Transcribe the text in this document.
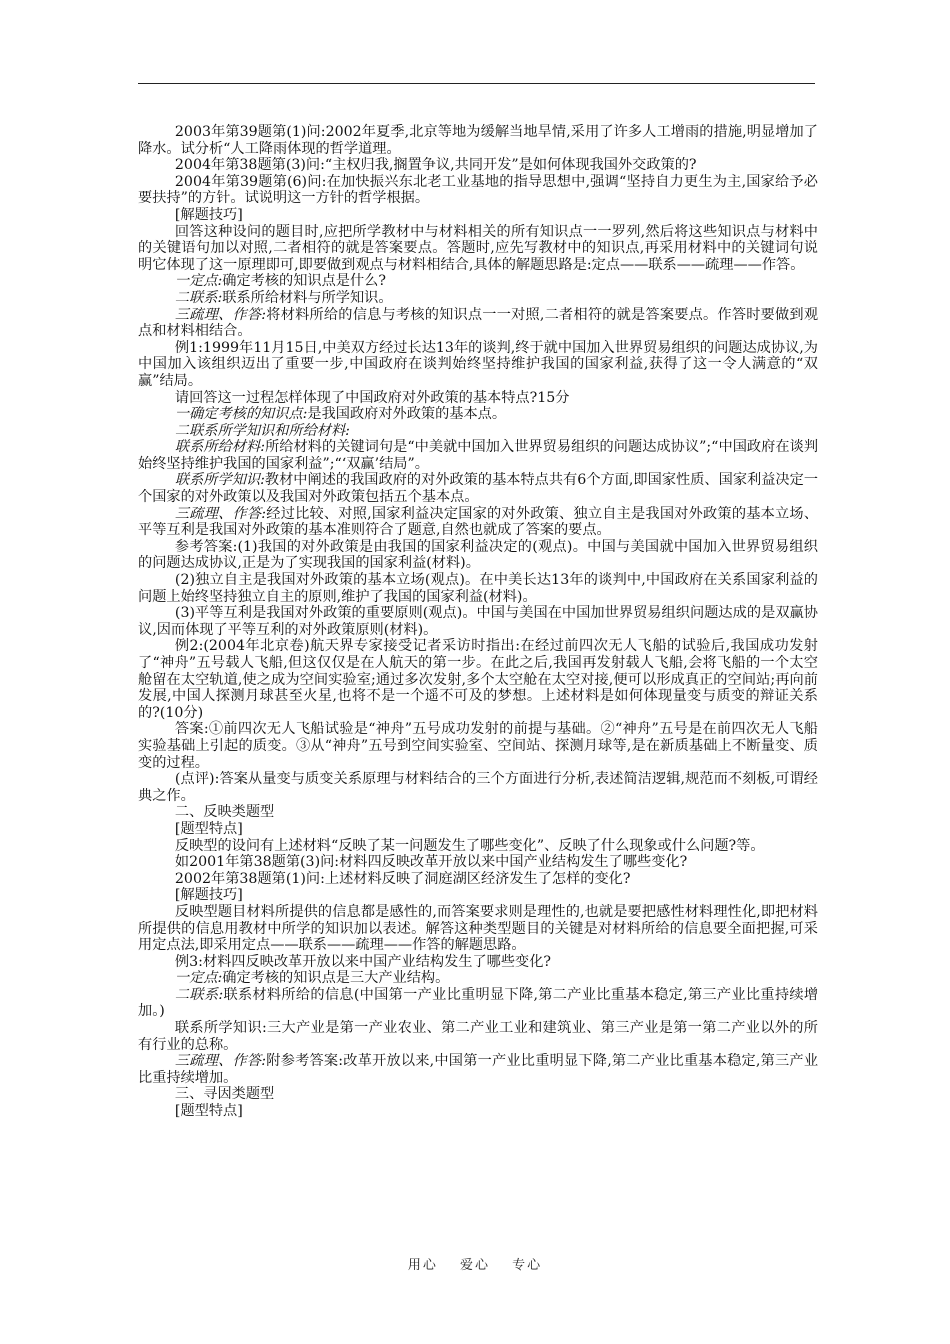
2003年第39题第(1)问:2002年夏季,北京等地为缓解当地旱情,采用了许多人工增雨的措施,明显增加了降水。试分析“人工降雨体现的哲学道理。

2004年第38题第(3)问:“主权归我,搁置争议,共同开发”是如何体现我国外交政策的?

2004年第39题第(6)问:在加快振兴东北老工业基地的指导思想中,强调“坚持自力更生为主,国家给予必要扶持”的方针。试说明这一方针的哲学根据。

[解题技巧]

回答这种设问的题目时,应把所学教材中与材料相关的所有知识点一一罗列,然后将这些知识点与材料中的关键语句加以对照,二者相符的就是答案要点。答题时,应先写教材中的知识点,再采用材料中的关键词句说明它体现了这一原理即可,即要做到观点与材料相结合,具体的解题思路是:定点——联系——疏理——作答。

一定点:确定考核的知识点是什么?

二联系:联系所给材料与所学知识。

三疏理、作答:将材料所给的信息与考核的知识点一一对照,二者相符的就是答案要点。作答时要做到观点和材料相结合。

例1:1999年11月15日,中美双方经过长达13年的谈判,终于就中国加入世界贸易组织的问题达成协议,为中国加入该组织迈出了重要一步,中国政府在谈判始终坚持维护我国的国家利益,获得了这一令人满意的“双赢”结局。

请回答这一过程怎样体现了中国政府对外政策的基本特点?15分

一确定考核的知识点:是我国政府对外政策的基本点。

二联系所学知识和所给材料:

联系所给材料:所给材料的关键词句是“中美就中国加入世界贸易组织的问题达成协议”;“中国政府在谈判始终坚持维护我国的国家利益”;“‘双赢’结局”。

联系所学知识:教材中阐述的我国政府的对外政策的基本特点共有6个方面,即国家性质、国家利益决定一个国家的对外政策以及我国对外政策包括五个基本点。

三疏理、作答:经过比较、对照,国家利益决定国家的对外政策、独立自主是我国对外政策的基本立场、平等互利是我国对外政策的基本准则符合了题意,自然也就成了答案的要点。

参考答案:(1)我国的对外政策是由我国的国家利益决定的(观点)。中国与美国就中国加入世界贸易组织的问题达成协议,正是为了实现我国的国家利益(材料)。

(2)独立自主是我国对外政策的基本立场(观点)。在中美长达13年的谈判中,中国政府在关系国家利益的问题上始终坚持独立自主的原则,维护了我国的国家利益(材料)。

(3)平等互利是我国对外政策的重要原则(观点)。中国与美国在中国加世界贸易组织问题达成的是双赢协议,因而体现了平等互利的对外政策原则(材料)。

例2:(2004年北京卷)航天界专家接受记者采访时指出:在经过前四次无人飞船的试验后,我国成功发射了“神舟”五号载人飞船,但这仅仅是在人航天的第一步。在此之后,我国再发射载人飞船,会将飞船的一个太空舱留在太空轨道,使之成为空间实验室;通过多次发射,多个太空舱在太空对接,便可以形成真正的空间站;再向前发展,中国人探测月球甚至火星,也将不是一个遥不可及的梦想。上述材料是如何体现量变与质变的辩证关系的?(10分)

答案:①前四次无人飞船试验是“神舟”五号成功发射的前提与基础。②“神舟”五号是在前四次无人飞船实验基础上引起的质变。③从“神舟”五号到空间实验室、空间站、探测月球等,是在新质基础上不断量变、质变的过程。

(点评):答案从量变与质变关系原理与材料结合的三个方面进行分析,表述简洁逻辑,规范而不刻板,可谓经典之作。

二、反映类题型

[题型特点]

反映型的设问有上述材料“反映了某一问题发生了哪些变化”、反映了什么现象或什么问题?等。

如2001年第38题第(3)问:材料四反映改革开放以来中国产业结构发生了哪些变化?

2002年第38题第(1)问:上述材料反映了洞庭湖区经济发生了怎样的变化?

[解题技巧]

反映型题目材料所提供的信息都是感性的,而答案要求则是理性的,也就是要把感性材料理性化,即把材料所提供的信息用教材中所学的知识加以表述。解答这种类型题目的关键是对材料所给的信息要全面把握,可采用定点法,即采用定点——联系——疏理——作答的解题思路。

例3:材料四反映改革开放以来中国产业结构发生了哪些变化?

一定点:确定考核的知识点是三大产业结构。

二联系:联系材料所给的信息(中国第一产业比重明显下降,第二产业比重基本稳定,第三产业比重持续增加。)

联系所学知识:三大产业是第一产业农业、第二产业工业和建筑业、第三产业是第一第二产业以外的所有行业的总称。

三疏理、作答:附参考答案:改革开放以来,中国第一产业比重明显下降,第二产业比重基本稳定,第三产业比重持续增加。

三、寻因类题型

[题型特点]

用心 爱心 专心
